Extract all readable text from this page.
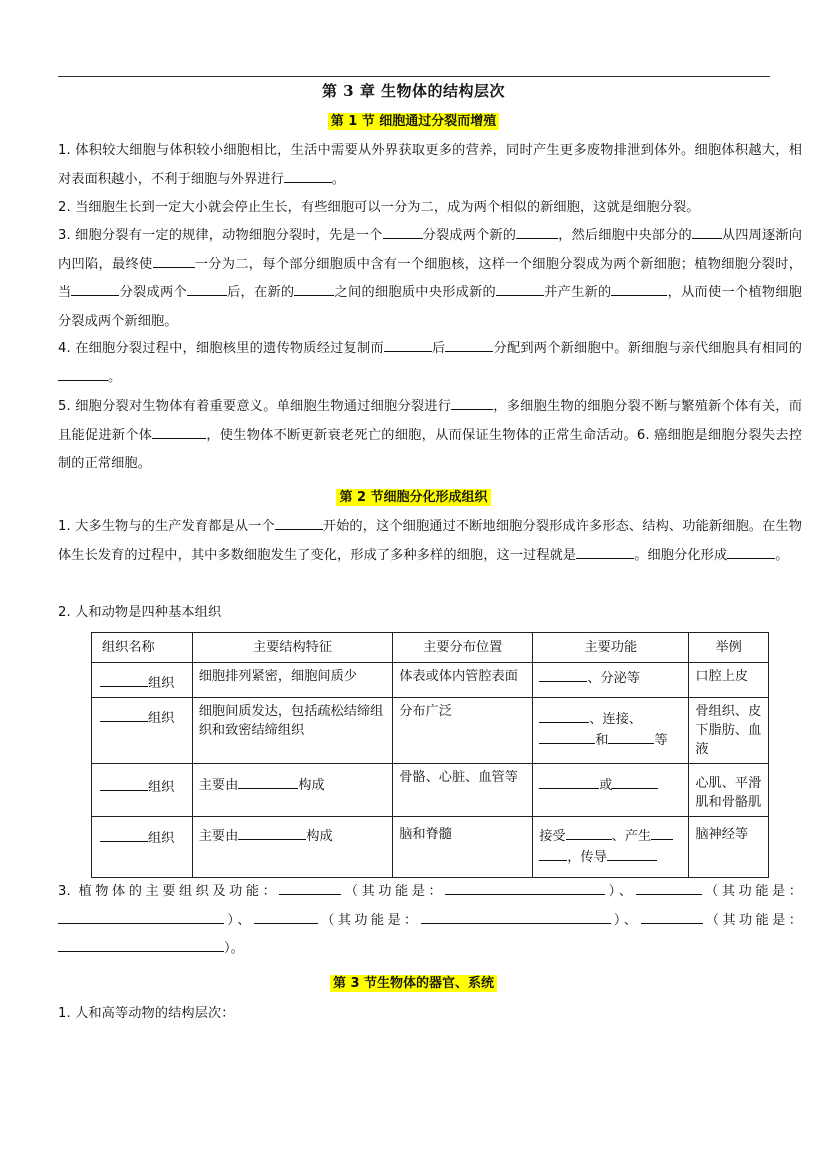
第 3 章 生物体的结构层次
第 1 节 细胞通过分裂而增殖

1. 体积较大细胞与体积较小细胞相比，生活中需要从外界获取更多的营养，同时产生更多废物排泄到体外。细胞体积越大，相对表面积越小，不利于细胞与外界进行	。

2. 当细胞生长到一定大小就会停止生长，有些细胞可以一分为二，成为两个相似的新细胞，这就是细胞分裂。

3. 细胞分裂有一定的规律，动物细胞分裂时，先是一个	分裂成两个新的	，然后细胞中央部分的 从四周逐渐向内凹陷，最终使	一分为二，每个部分细胞质中含有一个细胞核，这样一个细胞分裂成为两个新细胞；植物细胞分裂时，当	分裂成两个	后，在新的	之间的细胞质中央形成新的	并产生新的	，从而使一个植物细胞分裂成两个新细胞。

4. 在细胞分裂过程中，细胞核里的遗传物质经过复制而	后	分配到两个新细胞中。新细胞与亲代细胞具有相同的。

5. 细胞分裂对生物体有着重要意义。单细胞生物通过细胞分裂进行	，多细胞生物的细胞分裂不断与繁殖新个体有关，而且能促进新个体	，使生物体不断更新衰老死亡的细胞，从而保证生物体的正常生命活动。6. 癌细胞是细胞分裂失去控制的正常细胞。

第 2 节细胞分化形成组织

1. 大多生物与的生产发育都是从一个	开始的，这个细胞通过不断地细胞分裂形成许多形态、结构、功能新细胞。在生物体生长发育的过程中，其中多数细胞发生了变化，形成了多种多样的细胞，这一过程就是	。细胞分化形成	。

2. 人和动物是四种基本组织

组织名称	主要结构特征	主要分布位置	主要功能	举例
组织	细胞排列紧密，细胞间质少	体表或体内管腔表面	、分泌等	口腔上皮
组织	细胞间质发达，包括疏松结缔组织和致密结缔组织	分布广泛	、连接、
和 等	骨组织、皮下脂肪、血液
组织	主要由 构成	骨骼、心脏、血管等	或	心肌、平滑肌和骨骼肌
组织	主要由 构成	脑和脊髓	接受 、产生
，传导	脑神经等

3. 植物体的主要组织及功能：	（其功能是：	）、	（其功能是：）、	（其功能是：	）、	（其功能是：）。

第 3 节生物体的器官、系统

1. 人和高等动物的结构层次：
